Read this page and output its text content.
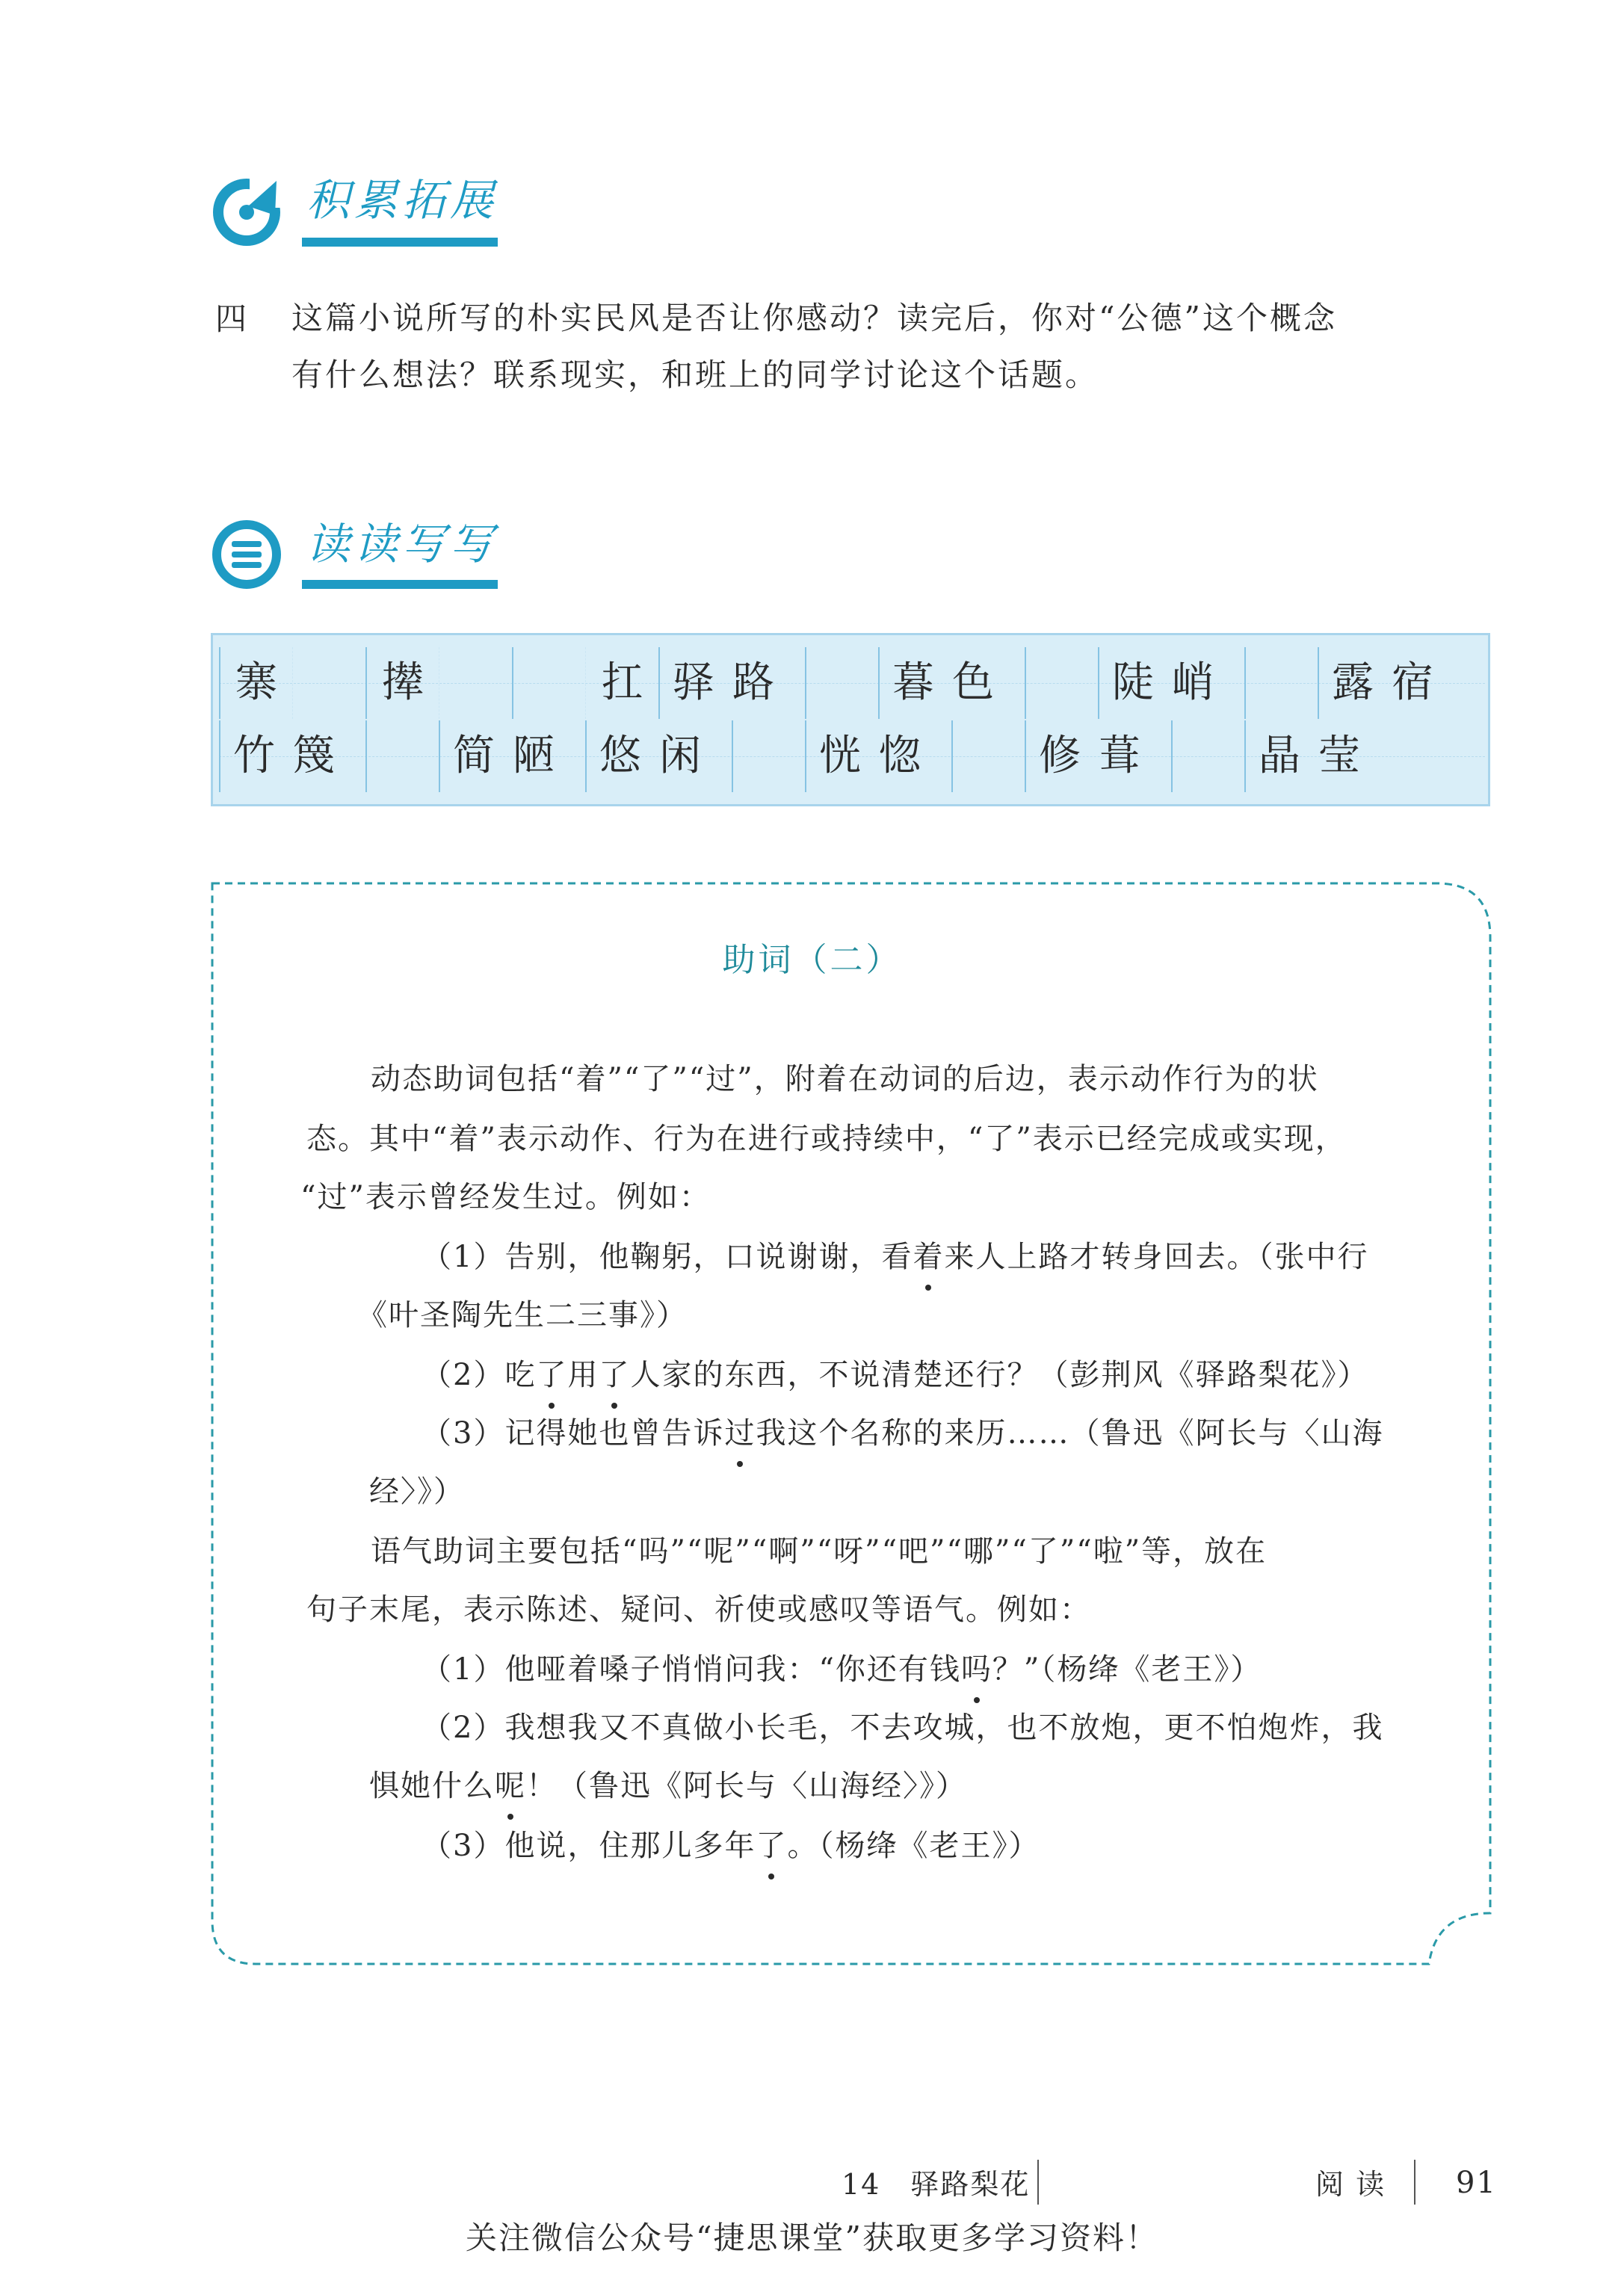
积累拓展
四 这篇小说所写的朴实民风是否让你感动？读完后，你对“公德”这个概念
有什么想法？联系现实，和班上的同学讨论这个话题。
读读写写
寨	撵	扛 驿路	暮色	陡峭	露宿
竹篾	简陋 悠闲	恍惚	修葺	晶莹
助词（二）
动态助词包括“着”“了”“过”，附着在动词的后边，表示动作行为的状
态。其中“着”表示动作、行为在进行或持续中，“了”表示已经完成或实现，
“过”表示曾经发生过。例如：
（1）告别，他鞠躬，口说谢谢，看着来人上路才转身回去。（张中行
《叶圣陶先生二三事》）
（2）吃了用了人家的东西，不说清楚还行？（彭荆风《驿路梨花》）
（3）记得她也曾告诉过我这个名称的来历……（鲁迅《阿长与〈山海
经〉》）
语气助词主要包括“吗”“呢”“啊”“呀”“吧”“哪”“了”“啦”等，放在
句子末尾，表示陈述、疑问、祈使或感叹等语气。例如：
（1）他哑着嗓子悄悄问我：“你还有钱吗？”（杨绛《老王》）
（2）我想我又不真做小长毛，不去攻城，也不放炮，更不怕炮炸，我
惧她什么呢！（鲁迅《阿长与〈山海经〉》）
（3）他说，住那儿多年了。（杨绛《老王》）
14　驿路梨花	阅 读 91
关注微信公众号“捷思课堂”获取更多学习资料！
